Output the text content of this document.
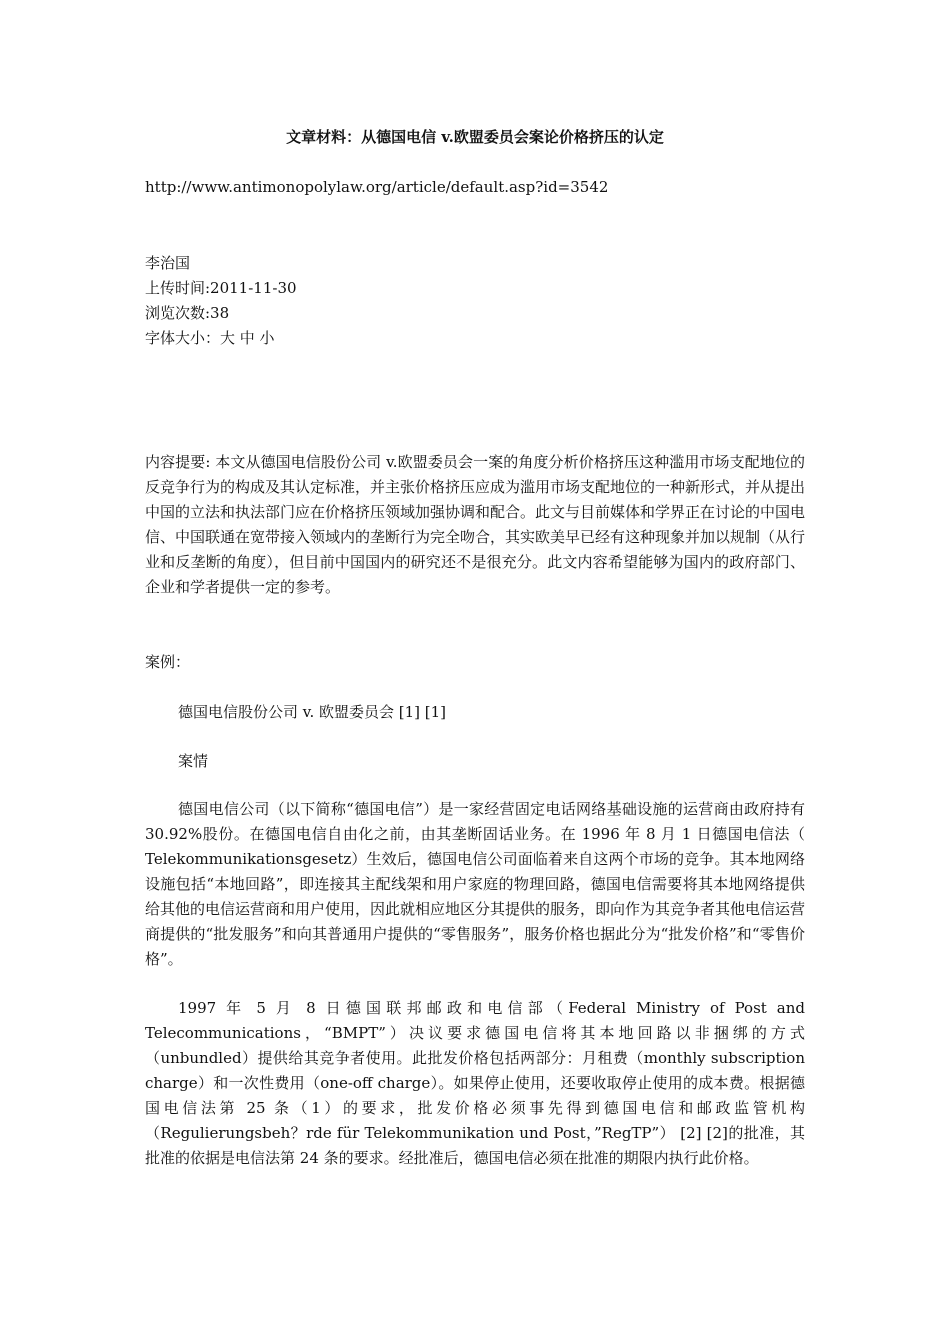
文章材料：从德国电信 v.欧盟委员会案论价格挤压的认定
http://www.antimonopolylaw.org/article/default.asp?id=3542
李治国
上传时间:2011-11-30
浏览次数:38
字体大小：大 中 小

内容提要: 本文从德国电信股份公司 v.欧盟委员会一案的角度分析价格挤压这种滥用市场支配地位的反竞争行为的构成及其认定标准，并主张价格挤压应成为滥用市场支配地位的一种新形式，并从提出中国的立法和执法部门应在价格挤压领域加强协调和配合。此文与目前媒体和学界正在讨论的中国电信、中国联通在宽带接入领域内的垄断行为完全吻合，其实欧美早已经有这种现象并加以规制（从行业和反垄断的角度），但目前中国国内的研究还不是很充分。此文内容希望能够为国内的政府部门、企业和学者提供一定的参考。

案例：
德国电信股份公司 v. 欧盟委员会 [1] [1]
案情

德国电信公司（以下简称“德国电信”）是一家经营固定电话网络基础设施的运营商由政府持有30.92%股份。在德国电信自由化之前，由其垄断固话业务。在 1996 年 8 月 1 日德国电信法（ Telekommunikationsgesetz）生效后，德国电信公司面临着来自这两个市场的竞争。其本地网络设施包括“本地回路”，即连接其主配线架和用户家庭的物理回路，德国电信需要将其本地网络提供给其他的电信运营商和用户使用，因此就相应地区分其提供的服务，即向作为其竞争者其他电信运营商提供的“批发服务”和向其普通用户提供的“零售服务”，服务价格也据此分为“批发价格”和“零售价格”。

1997 年 5 月 8 日德国联邦邮政和电信部（Federal Ministry of Post and Telecommunications，“BMPT”）决议要求德国电信将其本地回路以非捆绑的方式（unbundled）提供给其竞争者使用。此批发价格包括两部分：月租费（monthly subscription charge）和一次性费用（one-off charge）。如果停止使用，还要收取停止使用的成本费。根据德国电信法第 25 条（1）的要求，批发价格必须事先得到德国电信和邮政监管机构（Regulierungsbeh？rde für Telekommunikation und Post，”RegTP”） [2] [2]的批准，其批准的依据是电信法第 24 条的要求。经批准后，德国电信必须在批准的期限内执行此价格。
